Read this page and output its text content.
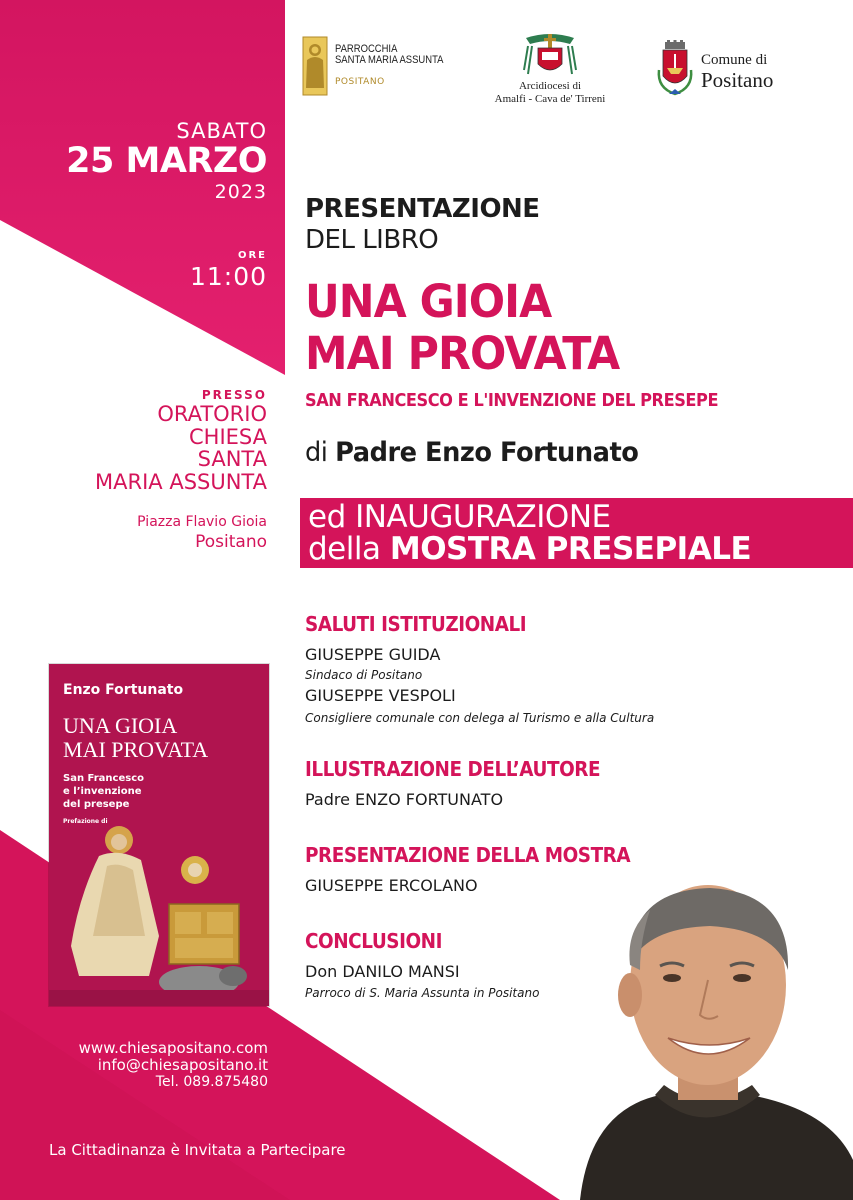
PARROCCHIA
SANTA MARIA ASSUNTA
POSITANO	Arcidiocesi di
Amalfi - Cava de' Tirreni
Comune di
Positano
SABATO
25 MARZO
2023
ORE
11:00
PRESSO
ORATORIO
CHIESA
SANTA
MARIA ASSUNTA
Piazza Flavio Gioia
Positano
PRESENTAZIONE
DEL LIBRO
UNA GIOIA
MAI PROVATA
SAN FRANCESCO E L'INVENZIONE DEL PRESEPE
di Padre Enzo Fortunato
ed INAUGURAZIONE
della MOSTRA PRESEPIALE
SALUTI ISTITUZIONALI
GIUSEPPE GUIDA
Sindaco di Positano
GIUSEPPE VESPOLI
Consigliere comunale con delega al Turismo e alla Cultura
ILLUSTRAZIONE DELL’AUTORE
Padre ENZO FORTUNATO
PRESENTAZIONE DELLA MOSTRA
GIUSEPPE ERCOLANO
CONCLUSIONI
Don DANILO MANSI
Parroco di S. Maria Assunta in Positano
Enzo Fortunato
UNA GIOIA
MAI PROVATA
San Francesco
e l’invenzione
del presepe
Prefazione di

www.chiesapositano.com
info@chiesapositano.it
Tel. 089.875480
La Cittadinanza è Invitata a Partecipare
